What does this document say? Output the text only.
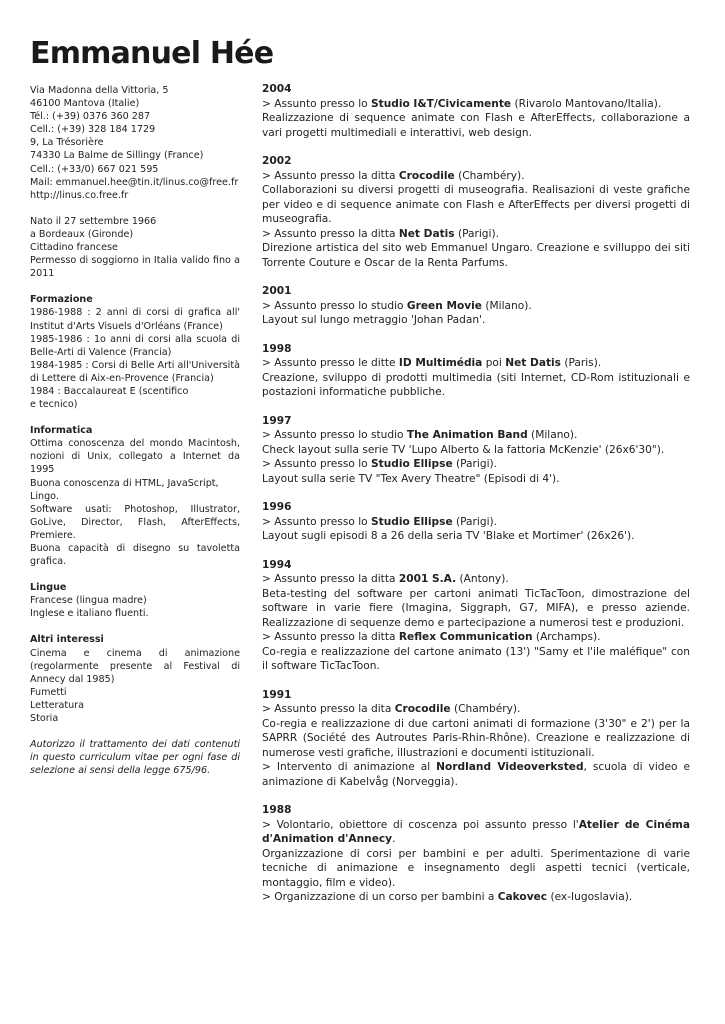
Emmanuel Hée

Via Madonna della Vittoria, 5

46100 Mantova (Italie)

Tél.: (+39) 0376 360 287

Cell.: (+39) 328 184 1729

9, La Trésorière

74330 La Balme de Sillingy (France)

Cell.: (+33/0) 667 021 595

Mail: emmanuel.hee@tin.it/linus.co@free.fr

http://linus.co.free.fr

Nato il 27 settembre 1966

a Bordeaux (Gironde)

Cittadino francese

Permesso di soggiorno in Italia valido fino a 2011

Formazione

1986-1988 : 2 anni di corsi di grafica all' Institut d'Arts Visuels d'Orléans (France)

1985-1986 : 1o anni di corsi alla scuola di Belle-Arti di Valence (Francia)

1984-1985 : Corsi di Belle Arti all'Università di Lettere di Aix-en-Provence (Francia)

1984 : Baccalaureat E (scentifico

e tecnico)

Informatica

Ottima conoscenza del mondo Macintosh, nozioni di Unix, collegato a Internet da 1995

Buona conoscenza di HTML, JavaScript, Lingo.

Software usati: Photoshop, Illustrator, GoLive, Director, Flash, AfterEffects, Premiere.

Buona capacità di disegno su tavoletta grafica.

Lingue

Francese (lingua madre)

Inglese e italiano fluenti.

Altri interessi

Cinema e cinema di animazione (regolarmente presente al Festival di Annecy dal 1985)

Fumetti

Letteratura

Storia

Autorizzo il trattamento dei dati contenuti in questo curriculum vitae per ogni fase di selezione ai sensi della legge 675/96.

2004

> Assunto presso lo Studio I&T/Civicamente (Rivarolo Mantovano/Italia).

Realizzazione di sequence animate con Flash e AfterEffects, collaborazione a vari progetti multimediali e interattivi, web design.

2002

> Assunto presso la ditta Crocodile (Chambéry).

Collaborazioni su diversi progetti di museografia. Realisazioni di veste grafiche per video e di sequence animate con Flash e AfterEffects per diversi progetti di museografia.

> Assunto presso la ditta Net Datis (Parigi).

Direzione artistica del sito web Emmanuel Ungaro. Creazione e svilluppo dei siti Torrente Couture e Oscar de la Renta Parfums.

2001

> Assunto presso lo studio Green Movie (Milano).

Layout sul lungo metraggio 'Johan Padan'.

1998

> Assunto presso le ditte ID Multimédia poi Net Datis (Paris).

Creazione, sviluppo di prodotti multimedia (siti Internet, CD-Rom istituzionali e postazioni informatiche pubbliche.

1997

> Assunto presso lo studio The Animation Band (Milano).

Check layout sulla serie TV 'Lupo Alberto & la fattoria McKenzie' (26x6'30").

> Assunto presso lo Studio Ellipse (Parigi).

Layout sulla serie TV "Tex Avery Theatre" (Episodi di 4').

1996

> Assunto presso lo Studio Ellipse (Parigi).

Layout sugli episodi 8 a 26 della seria TV 'Blake et Mortimer' (26x26').

1994

> Assunto presso la ditta 2001 S.A. (Antony).

Beta-testing del software per cartoni animati TicTacToon, dimostrazione del software in varie fiere (Imagina, Siggraph, G7, MIFA), e presso aziende. Realizzazione di sequenze demo e partecipazione a numerosi test e produzioni.

> Assunto presso la ditta Reflex Communication (Archamps).

Co-regia e realizzazione del cartone animato (13') "Samy et l'ile maléfique" con il software TicTacToon.

1991

> Assunto presso la dita Crocodile (Chambéry).

Co-regia e realizzazione di due cartoni animati di formazione (3'30" e 2') per la SAPRR (Société des Autroutes Paris-Rhin-Rhône). Creazione e realizzazione di numerose vesti grafiche, illustrazioni e documenti istituzionali.

> Intervento di animazione al Nordland Videoverksted, scuola di video e animazione di Kabelvåg (Norveggia).

1988

> Volontario, obiettore di coscenza poi assunto presso l'Atelier de Cinéma d'Animation d'Annecy.

Organizzazione di corsi per bambini e per adulti. Sperimentazione di varie tecniche di animazione e insegnamento degli aspetti tecnici (verticale, montaggio, film e video).

> Organizzazione di un corso per bambini a Cakovec (ex-Iugoslavia).
